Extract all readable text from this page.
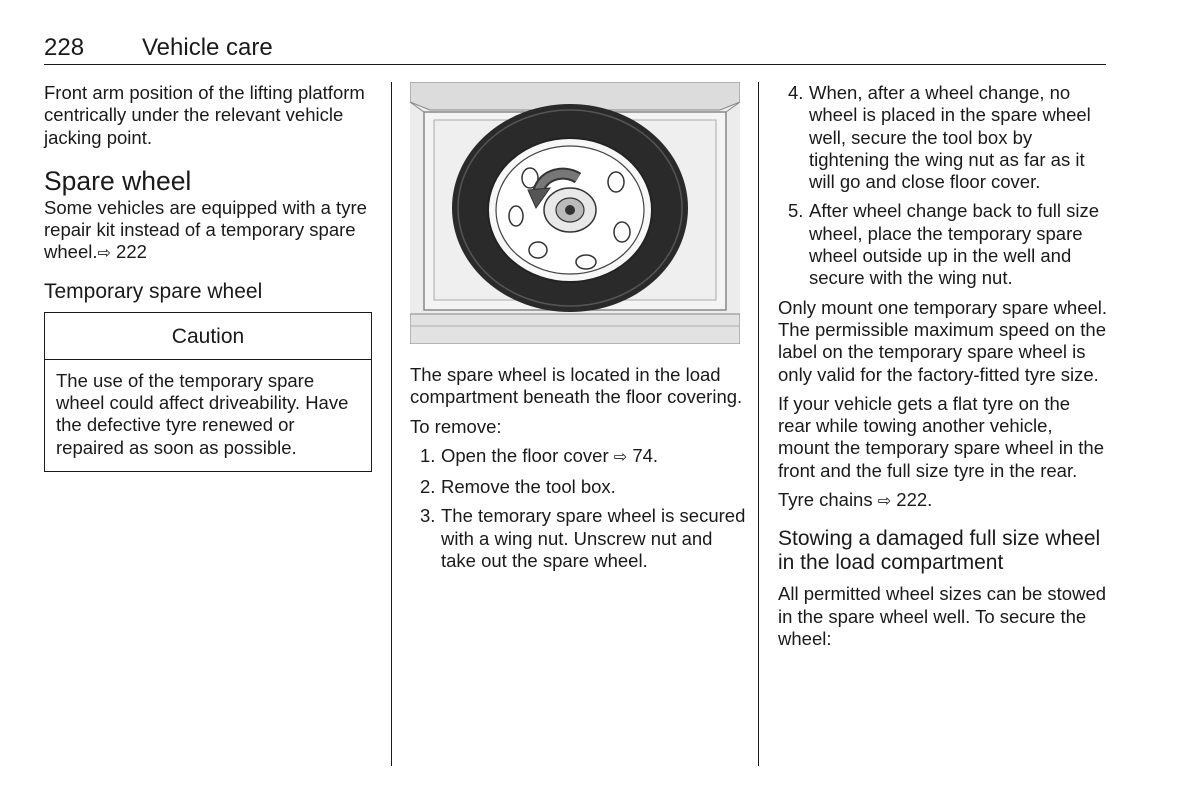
228 Vehicle care

Front arm position of the lifting platform centrically under the relevant vehicle jacking point.

Spare wheel

Some vehicles are equipped with a tyre repair kit instead of a temporary spare wheel.⇨ 222

Temporary spare wheel
Caution

The use of the temporary spare wheel could affect driveability. Have the defective tyre renewed or repaired as soon as possible.

The spare wheel is located in the load compartment beneath the floor covering.

To remove:

1. Open the floor cover ⇨ 74.
2. Remove the tool box.
3. The temorary spare wheel is secured with a wing nut. Unscrew nut and take out the spare wheel.
4. When, after a wheel change, no wheel is placed in the spare wheel well, secure the tool box by tightening the wing nut as far as it will go and close floor cover.
5. After wheel change back to full size wheel, place the temporary spare wheel outside up in the well and secure with the wing nut.

Only mount one temporary spare wheel. The permissible maximum speed on the label on the temporary spare wheel is only valid for the factory-fitted tyre size.

If your vehicle gets a flat tyre on the rear while towing another vehicle, mount the temporary spare wheel in the front and the full size tyre in the rear.

Tyre chains ⇨ 222.

Stowing a damaged full size wheel in the load compartment

All permitted wheel sizes can be stowed in the spare wheel well. To secure the wheel:
